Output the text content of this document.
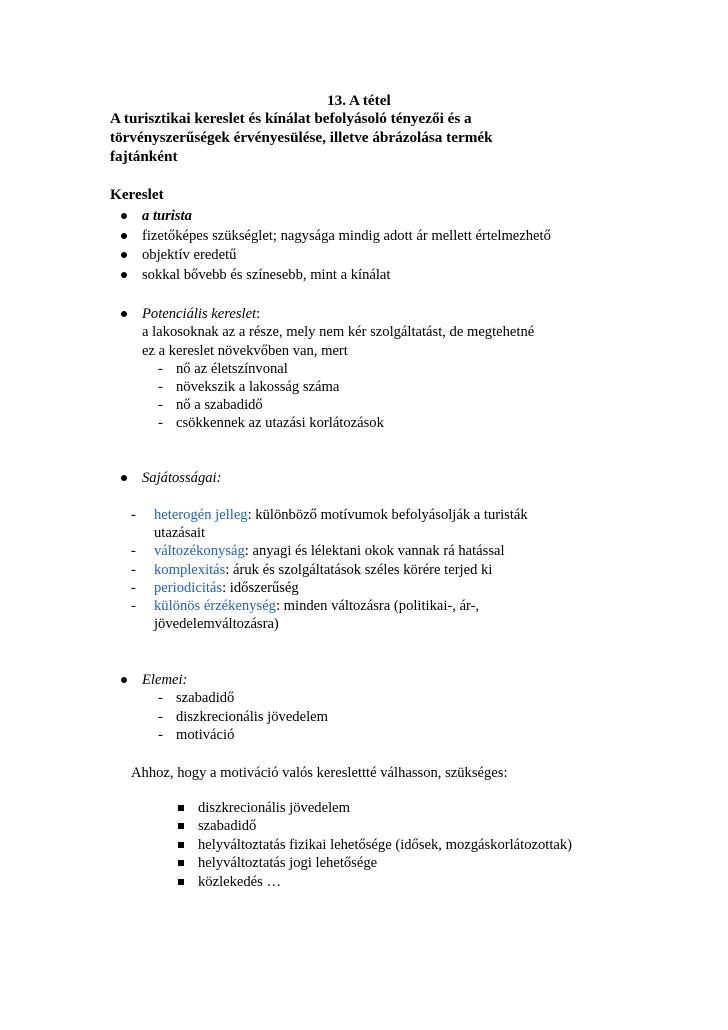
13. A tétel
A turisztikai kereslet és kínálat befolyásoló tényezői és a
törvényszerűségek érvényesülése, illetve ábrázolása termék
fajtánként
Kereslet
a turista
fizetőképes szükséglet; nagysága mindig adott ár mellett értelmezhető
objektív eredetű
sokkal bővebb és színesebb, mint a kínálat
Potenciális kereslet:
a lakosoknak az a része, mely nem kér szolgáltatást, de megtehetné
ez a kereslet növekvőben van, mert
- nő az életszínvonal
- növekszik a lakosság száma
- nő a szabadidő
- csökkennek az utazási korlátozások
Sajátosságai:
- heterogén jelleg: különböző motívumok befolyásolják a turisták
utazásait
- változékonyság: anyagi és lélektani okok vannak rá hatással
- komplexitás: áruk és szolgáltatások széles körére terjed ki
- periodicitás: időszerűség
- különös érzékenység: minden változásra (politikai-, ár-,
jövedelemváltozásra)
Elemei:
- szabadidő
- diszkrecionális jövedelem
- motiváció
Ahhoz, hogy a motiváció valós kereslettté válhasson, szükséges:
diszkrecionális jövedelem
szabadidő
helyváltoztatás fizikai lehetősége (idősek, mozgáskorlátozottak)
helyváltoztatás jogi lehetősége
közlekedés …
